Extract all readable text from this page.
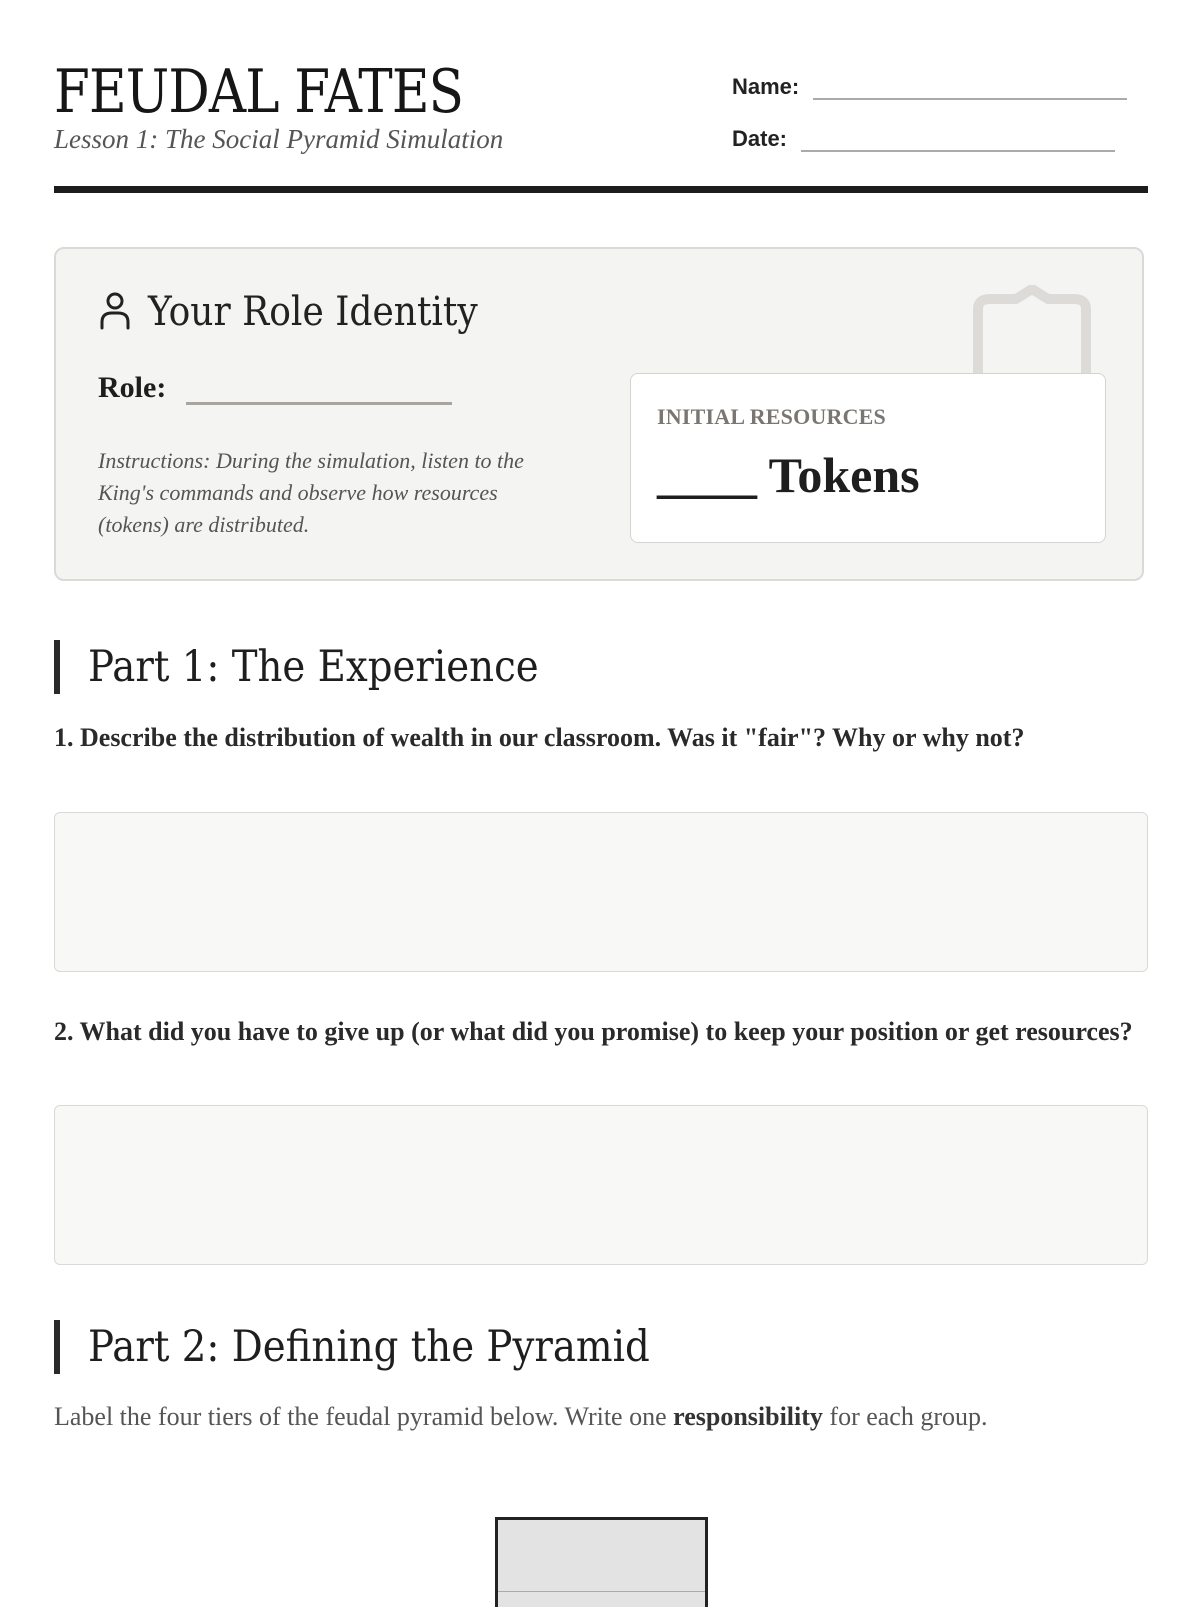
FEUDAL FATES

Lesson 1: The Social Pyramid Simulation

Name:
Date:
Your Role Identity
Role:

Instructions: During the simulation, listen to the King's commands and observe how resources (tokens) are distributed.

INITIAL RESOURCES
____ Tokens
Part 1: The Experience

1. Describe the distribution of wealth in our classroom. Was it "fair"? Why or why not?

2. What did you have to give up (or what did you promise) to keep your position or get resources?

Part 2: Defining the Pyramid

Label the four tiers of the feudal pyramid below. Write one responsibility for each group.
